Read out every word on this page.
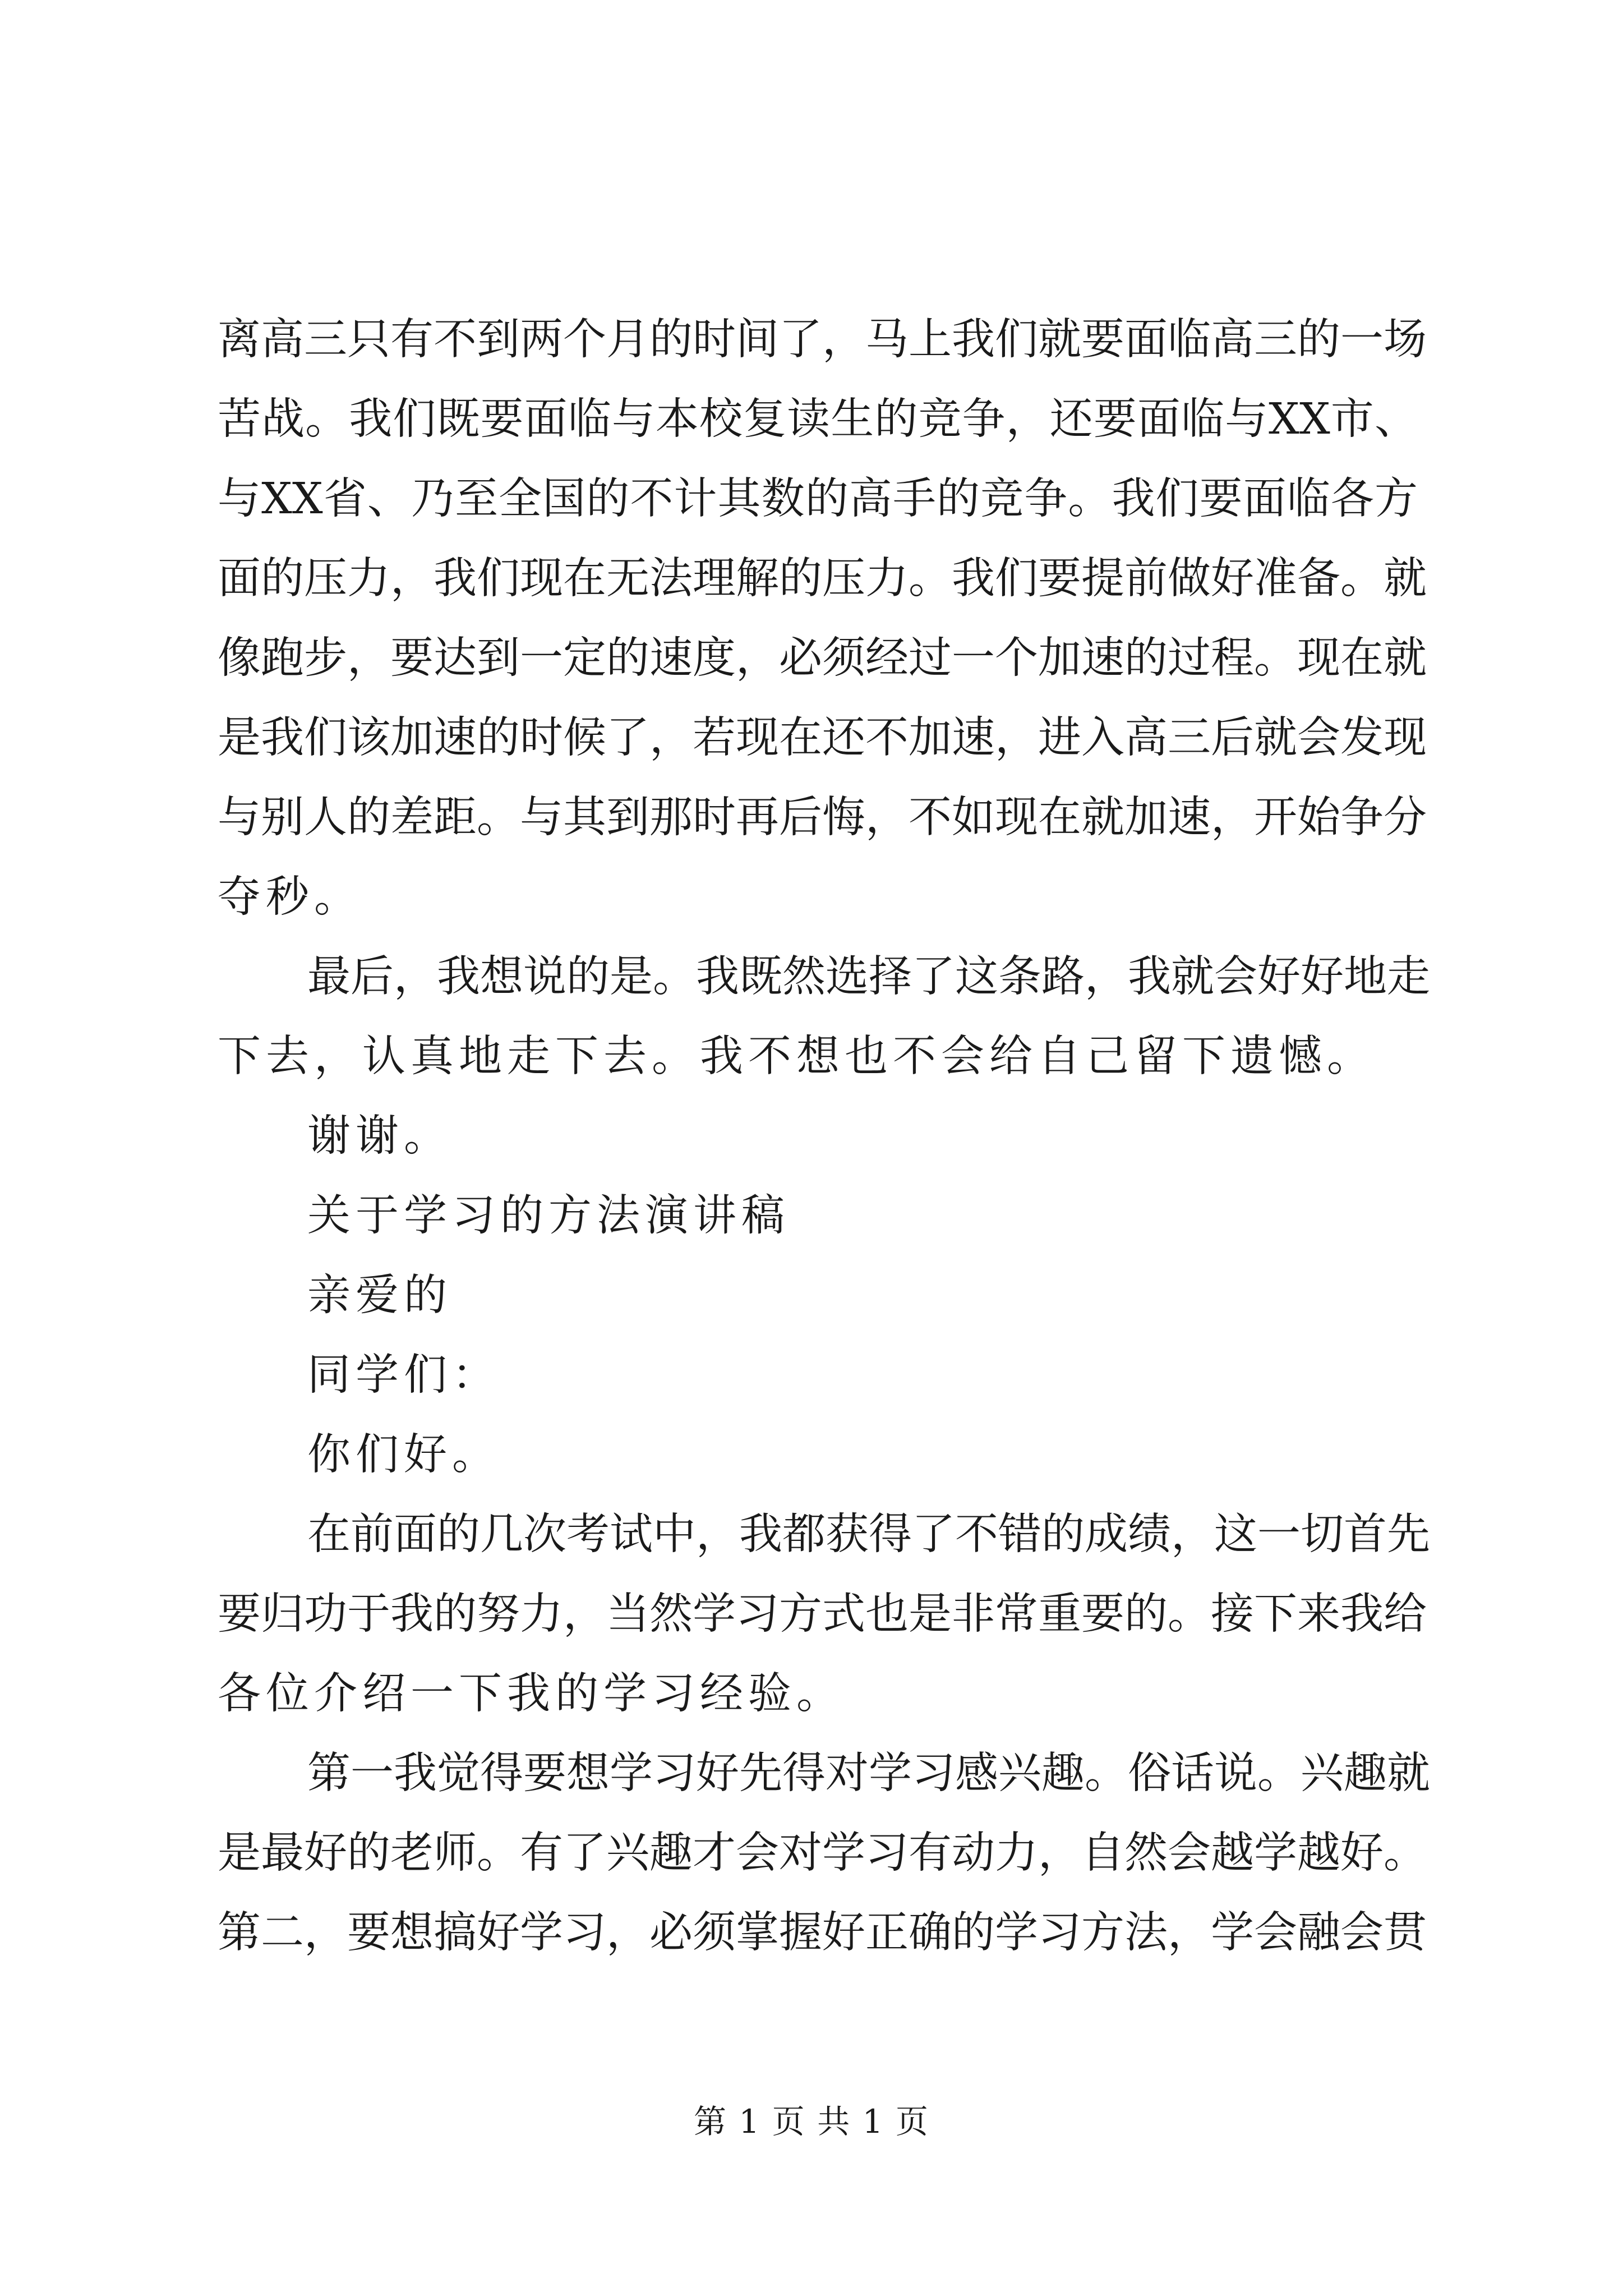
离高三只有不到两个月的时间了，马上我们就要面临高三的一场
苦战。我们既要面临与本校复读生的竞争，还要面临与XX市、
与XX省、乃至全国的不计其数的高手的竞争。我们要面临各方
面的压力，我们现在无法理解的压力。我们要提前做好准备。就
像跑步，要达到一定的速度，必须经过一个加速的过程。现在就
是我们该加速的时候了，若现在还不加速，进入高三后就会发现
与别人的差距。与其到那时再后悔，不如现在就加速，开始争分
夺秒。
最后，我想说的是。我既然选择了这条路，我就会好好地走
下去，认真地走下去。我不想也不会给自己留下遗憾。
谢谢。
关于学习的方法演讲稿
亲爱的
同学们：
你们好。
在前面的几次考试中，我都获得了不错的成绩，这一切首先
要归功于我的努力，当然学习方式也是非常重要的。接下来我给
各位介绍一下我的学习经验。
第一我觉得要想学习好先得对学习感兴趣。俗话说。兴趣就
是最好的老师。有了兴趣才会对学习有动力，自然会越学越好。
第二，要想搞好学习，必须掌握好正确的学习方法，学会融会贯
第 1 页 共 1 页
